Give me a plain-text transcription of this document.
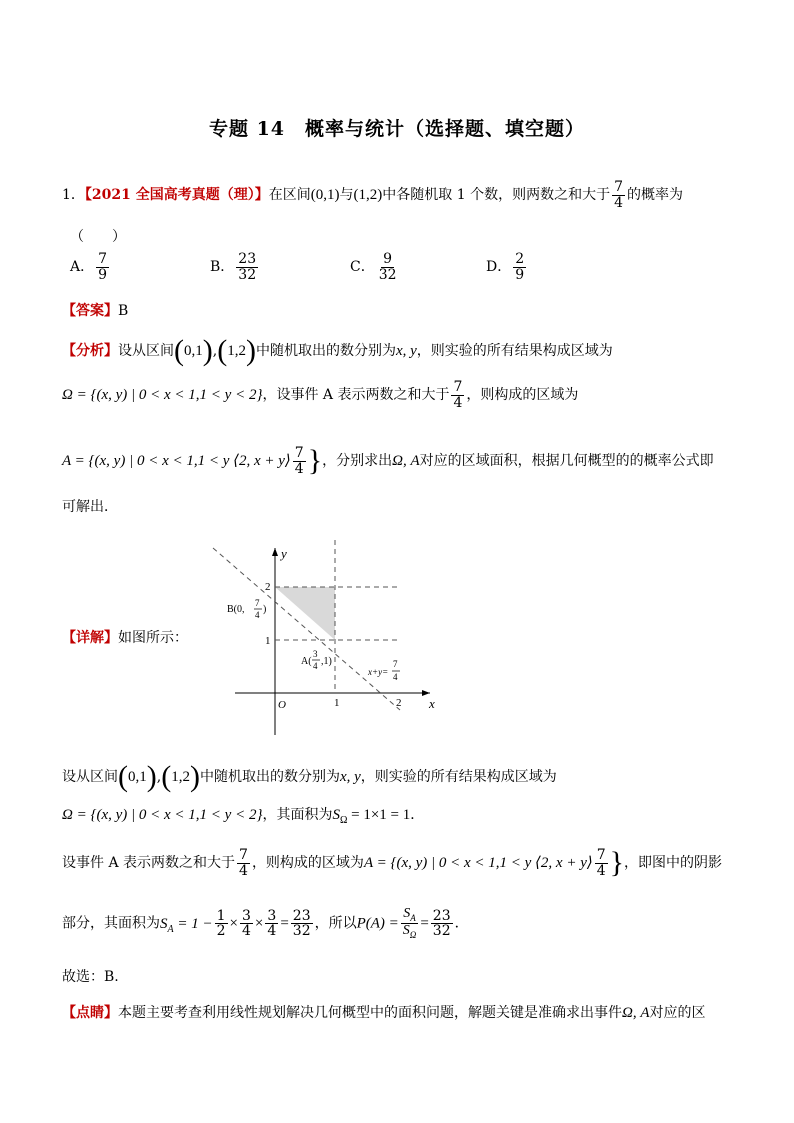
专题 14　概率与统计（选择题、填空题）
1．【2021 全国高考真题（理）】在区间(0,1)与(1,2)中各随机取 1 个数，则两数之和大于 $\frac{7}{4}$ 的概率为
（　　）
A． $\frac{7}{9}$	B． $\frac{23}{32}$	C． $\frac{9}{32}$	D． $\frac{2}{9}$
【答案】B
【分析】设从区间(0,1),(1,2)中随机取出的数分别为x, y，则实验的所有结果构成区域为
Ω = {(x, y) | 0 < x < 1,1 < y < 2}，设事件 A 表示两数之和大于 $\frac{7}{4}$ ，则构成的区域为
A = {(x, y) | 0 < x < 1,1 < y ⟨2, x + y⟩ $\frac{7}{4}$ }，分别求出Ω, A对应的区域面积，根据几何概型的的概率公式即
可解出．
【详解】如图所示：
y
x
O	1	2
1
2
B(0,
7
4 )
A(
3
4 ,1)
x+y=
7
4
设从区间(0,1),(1,2)中随机取出的数分别为x, y，则实验的所有结果构成区域为
Ω = {(x, y) | 0 < x < 1,1 < y < 2}，其面积为$S_\Omega = 1\times 1 = 1$．
设事件 A 表示两数之和大于 $\frac{7}{4}$ ，则构成的区域为A = {(x, y) | 0 < x < 1,1 < y ⟨2, x + y⟩ $\frac{7}{4}$ }，即图中的阴影
部分，其面积为$S_A = 1 - \frac{1}{2} \times \frac{3}{4} \times \frac{3}{4} = \frac{23}{32}$ ，所以$P(A) = \frac{S_A}{S_\Omega} = \frac{23}{32}$ ．
故选：B.
【点睛】本题主要考查利用线性规划解决几何概型中的面积问题，解题关键是准确求出事件Ω, A对应的区
